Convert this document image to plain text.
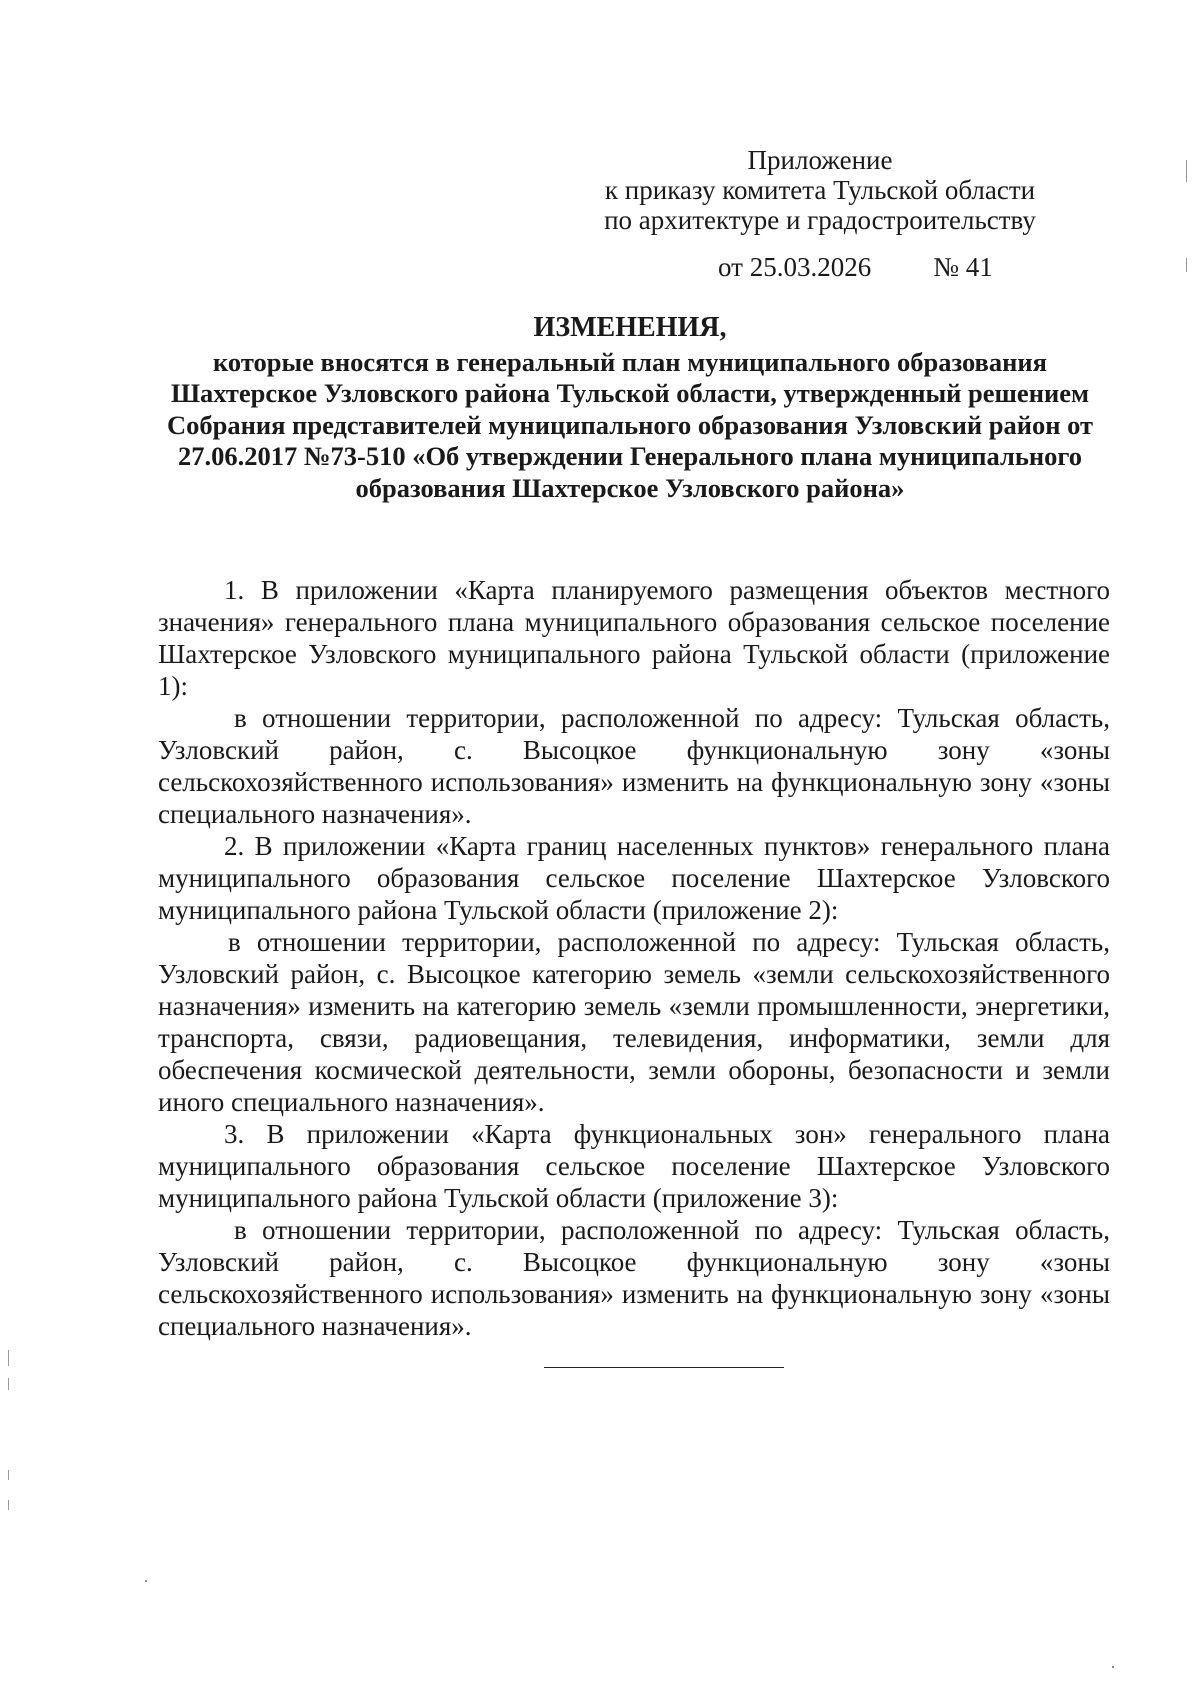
Приложение
к приказу комитета Тульской области
по архитектуре и градостроительству
от 25.03.2026 № 41
ИЗМЕНЕНИЯ,
которые вносятся в генеральный план муниципального образования Шахтерское Узловского района Тульской области, утвержденный решением Собрания представителей муниципального образования Узловский район от 27.06.2017 №73-510 «Об утверждении Генерального плана муниципального образования Шахтерское Узловского района»

1. В приложении «Карта планируемого размещения объектов местного значения» генерального плана муниципального образования сельское поселение Шахтерское Узловского муниципального района Тульской области (приложение 1):

в отношении территории, расположенной по адресу: Тульская область, Узловский район, с. Высоцкое функциональную зону «зоны сельскохозяйственного использования» изменить на функциональную зону «зоны специального назначения».

2. В приложении «Карта границ населенных пунктов» генерального плана муниципального образования сельское поселение Шахтерское Узловского муниципального района Тульской области (приложение 2):

в отношении территории, расположенной по адресу: Тульская область, Узловский район, с. Высоцкое категорию земель «земли сельскохозяйственного назначения» изменить на категорию земель «земли промышленности, энергетики, транспорта, связи, радиовещания, телевидения, информатики, земли для обеспечения космической деятельности, земли обороны, безопасности и земли иного специального назначения».

3. В приложении «Карта функциональных зон» генерального плана муниципального образования сельское поселение Шахтерское Узловского муниципального района Тульской области (приложение 3):

в отношении территории, расположенной по адресу: Тульская область, Узловский район, с. Высоцкое функциональную зону «зоны сельскохозяйственного использования» изменить на функциональную зону «зоны специального назначения».
